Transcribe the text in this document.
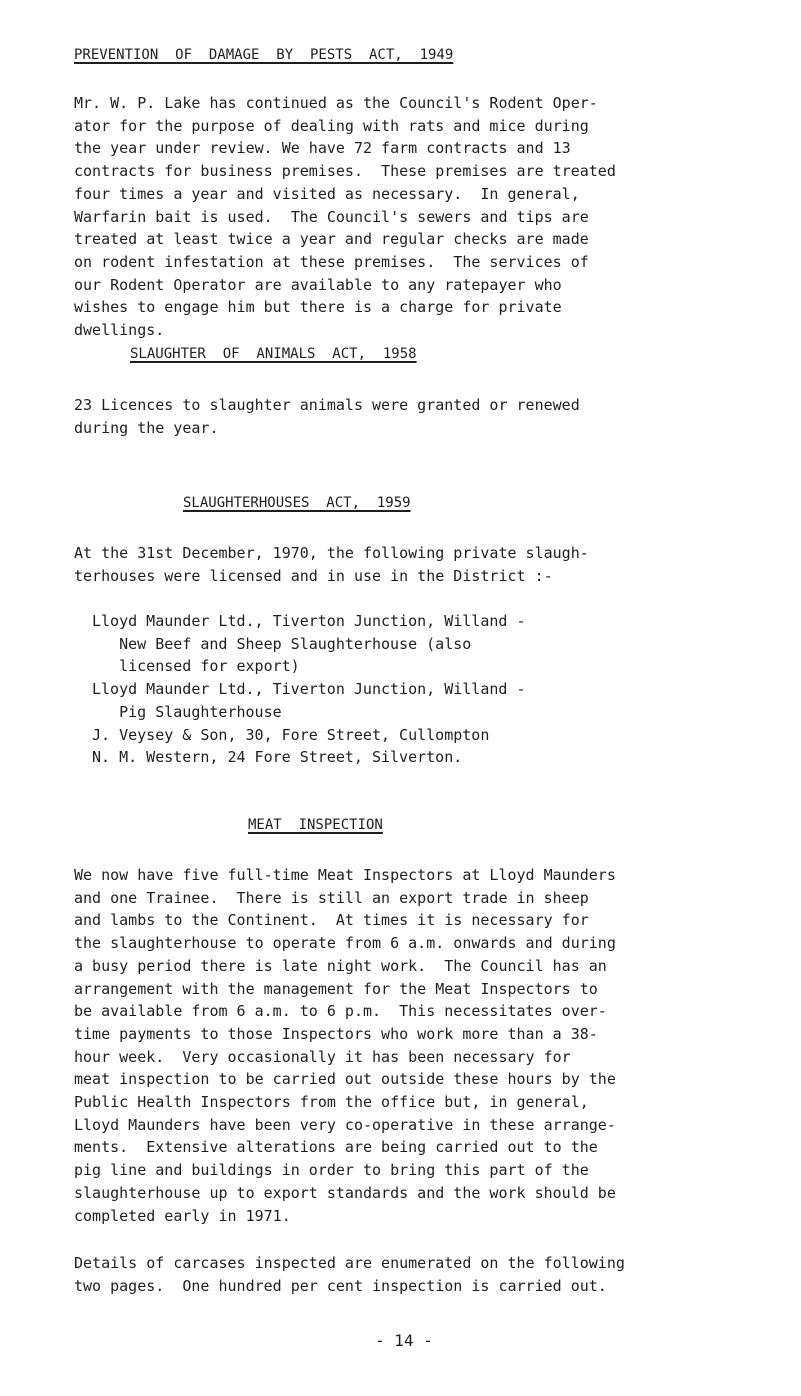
PREVENTION  OF  DAMAGE  BY  PESTS  ACT,  1949
Mr. W. P. Lake has continued as the Council's Rodent Oper-
ator for the purpose of dealing with rats and mice during
the year under review. We have 72 farm contracts and 13
contracts for business premises.  These premises are treated
four times a year and visited as necessary.  In general,
Warfarin bait is used.  The Council's sewers and tips are
treated at least twice a year and regular checks are made
on rodent infestation at these premises.  The services of
our Rodent Operator are available to any ratepayer who
wishes to engage him but there is a charge for private
dwellings.
SLAUGHTER  OF  ANIMALS  ACT,  1958
23 Licences to slaughter animals were granted or renewed
during the year.
SLAUGHTERHOUSES  ACT,  1959
At the 31st December, 1970, the following private slaugh-
terhouses were licensed and in use in the District :-
Lloyd Maunder Ltd., Tiverton Junction, Willand -
New Beef and Sheep Slaughterhouse (also
licensed for export)
Lloyd Maunder Ltd., Tiverton Junction, Willand -
Pig Slaughterhouse
J. Veysey & Son, 30, Fore Street, Cullompton
N. M. Western, 24 Fore Street, Silverton.
MEAT  INSPECTION
We now have five full-time Meat Inspectors at Lloyd Maunders
and one Trainee.  There is still an export trade in sheep
and lambs to the Continent.  At times it is necessary for
the slaughterhouse to operate from 6 a.m. onwards and during
a busy period there is late night work.  The Council has an
arrangement with the management for the Meat Inspectors to
be available from 6 a.m. to 6 p.m.  This necessitates over-
time payments to those Inspectors who work more than a 38-
hour week.  Very occasionally it has been necessary for
meat inspection to be carried out outside these hours by the
Public Health Inspectors from the office but, in general,
Lloyd Maunders have been very co-operative in these arrange-
ments.  Extensive alterations are being carried out to the
pig line and buildings in order to bring this part of the
slaughterhouse up to export standards and the work should be
completed early in 1971.
Details of carcases inspected are enumerated on the following
two pages.  One hundred per cent inspection is carried out.
- 14 -
